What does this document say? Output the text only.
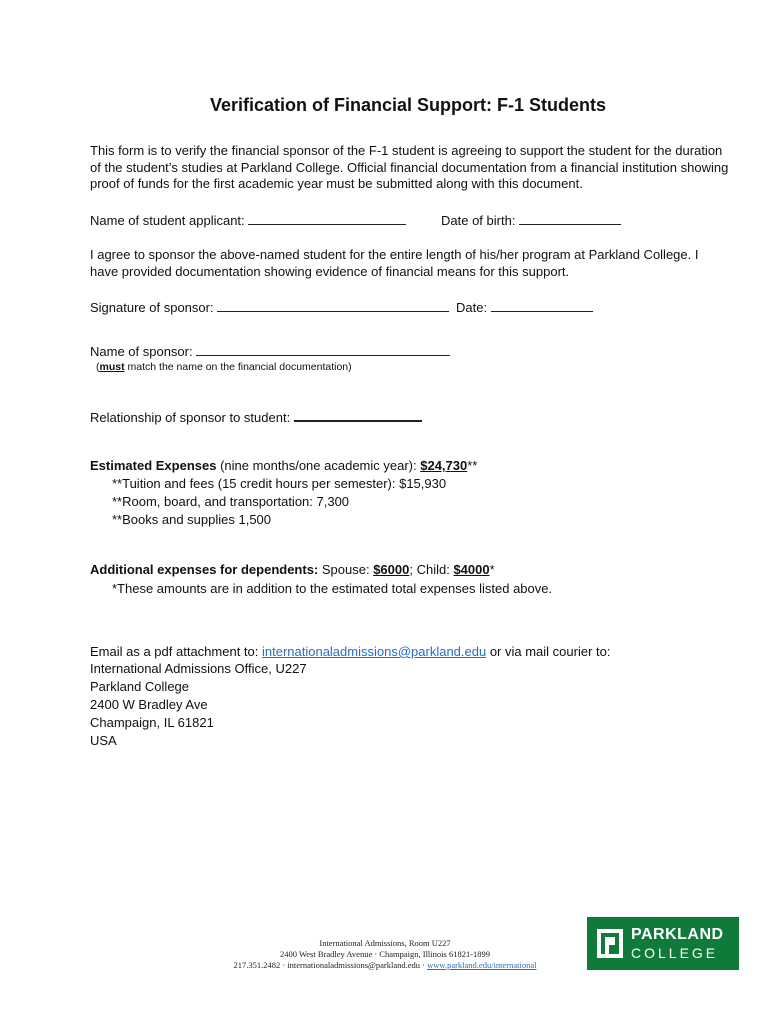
Verification of Financial Support: F-1 Students
This form is to verify the financial sponsor of the F-1 student is agreeing to support the student for the duration of the student’s studies at Parkland College. Official financial documentation from a financial institution showing proof of funds for the first academic year must be submitted along with this document.
Name of student applicant:	Date of birth:
I agree to sponsor the above-named student for the entire length of his/her program at Parkland College. I have provided documentation showing evidence of financial means for this support.
Signature of sponsor:	Date:
Name of sponsor:
(must match the name on the financial documentation)
Relationship of sponsor to student:
Estimated Expenses (nine months/one academic year): $24,730**
**Tuition and fees (15 credit hours per semester): $15,930
**Room, board, and transportation: 7,300
**Books and supplies 1,500
Additional expenses for dependents: Spouse: $6000; Child: $4000*
*These amounts are in addition to the estimated total expenses listed above.
Email as a pdf attachment to: internationaladmissions@parkland.edu or via mail courier to:
International Admissions Office, U227
Parkland College
2400 W Bradley Ave
Champaign, IL 61821
USA
International Admissions, Room U227
2400 West Bradley Avenue · Champaign, Illinois 61821-1899
217.351.2482 · internationaladmissions@parkland.edu · www.parkland.edu/international
PARKLAND
COLLEGE
